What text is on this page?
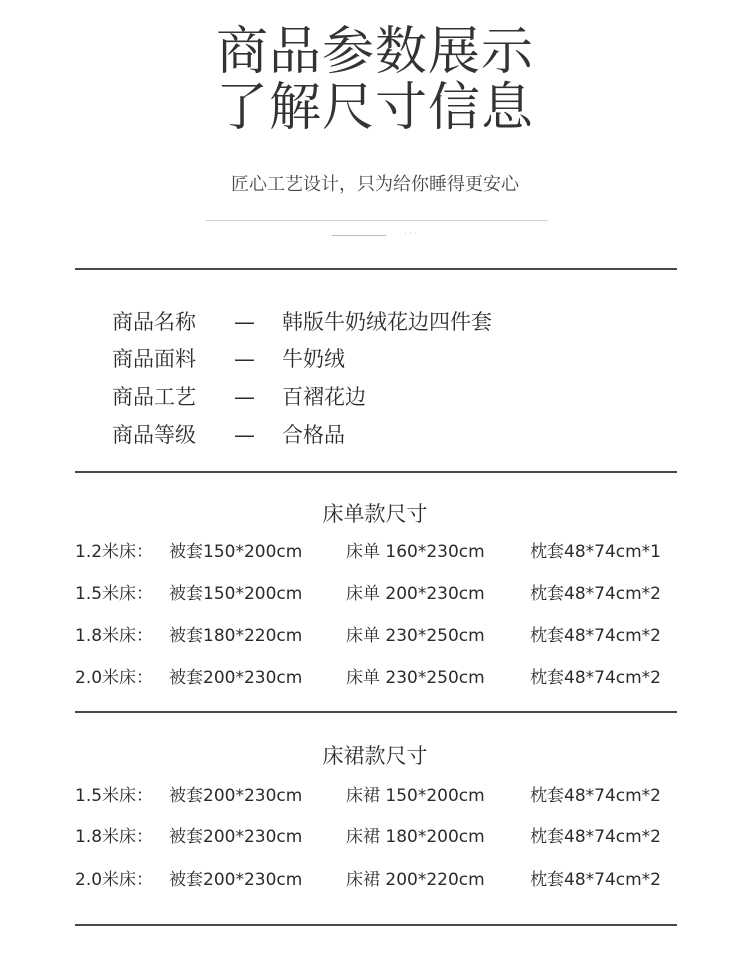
商品参数展示
了解尺寸信息
匠心工艺设计，只为给你睡得更安心
· · ·
商品名称 — 韩版牛奶绒花边四件套
商品面料 — 牛奶绒
商品工艺 — 百褶花边
商品等级 — 合格品
床单款尺寸
1.2米床： 被套150*200cm	床单 160*230cm	枕套48*74cm*1
1.5米床： 被套150*200cm	床单 200*230cm	枕套48*74cm*2
1.8米床： 被套180*220cm	床单 230*250cm	枕套48*74cm*2
2.0米床： 被套200*230cm	床单 230*250cm	枕套48*74cm*2
床裙款尺寸
1.5米床： 被套200*230cm	床裙 150*200cm	枕套48*74cm*2
1.8米床： 被套200*230cm	床裙 180*200cm	枕套48*74cm*2
2.0米床： 被套200*230cm	床裙 200*220cm	枕套48*74cm*2
